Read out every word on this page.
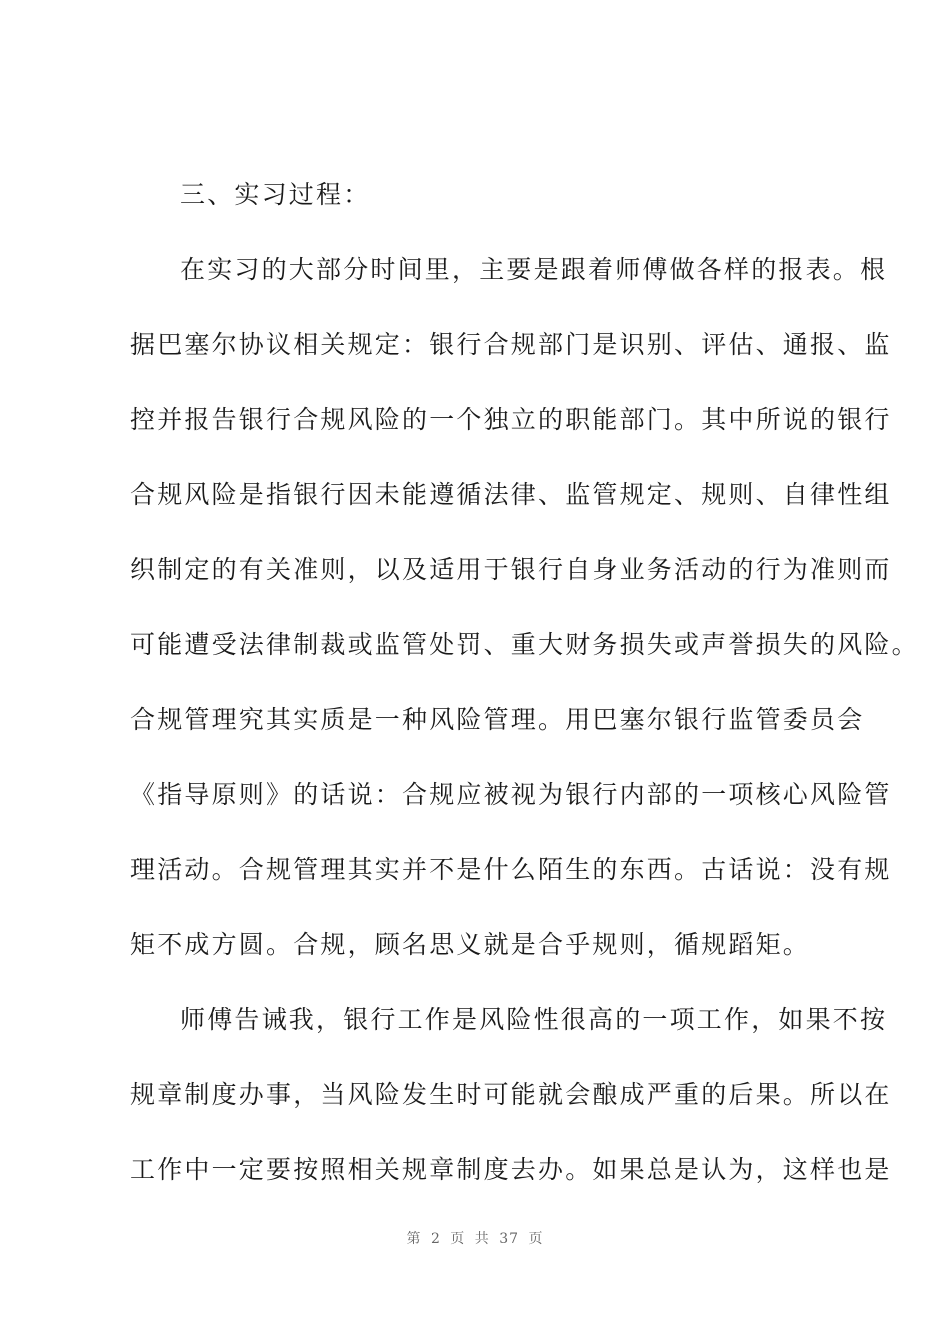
三、实习过程：
在实习的大部分时间里，主要是跟着师傅做各样的报表。根
据巴塞尔协议相关规定：银行合规部门是识别、评估、通报、监
控并报告银行合规风险的一个独立的职能部门。其中所说的银行
合规风险是指银行因未能遵循法律、监管规定、规则、自律性组
织制定的有关准则，以及适用于银行自身业务活动的行为准则而
可能遭受法律制裁或监管处罚、重大财务损失或声誉损失的风险。
合规管理究其实质是一种风险管理。用巴塞尔银行监管委员会
《指导原则》的话说：合规应被视为银行内部的一项核心风险管
理活动。合规管理其实并不是什么陌生的东西。古话说：没有规
矩不成方圆。合规，顾名思义就是合乎规则，循规蹈矩。
师傅告诫我，银行工作是风险性很高的一项工作，如果不按
规章制度办事，当风险发生时可能就会酿成严重的后果。所以在
工作中一定要按照相关规章制度去办。如果总是认为，这样也是
第 2 页 共 37 页
